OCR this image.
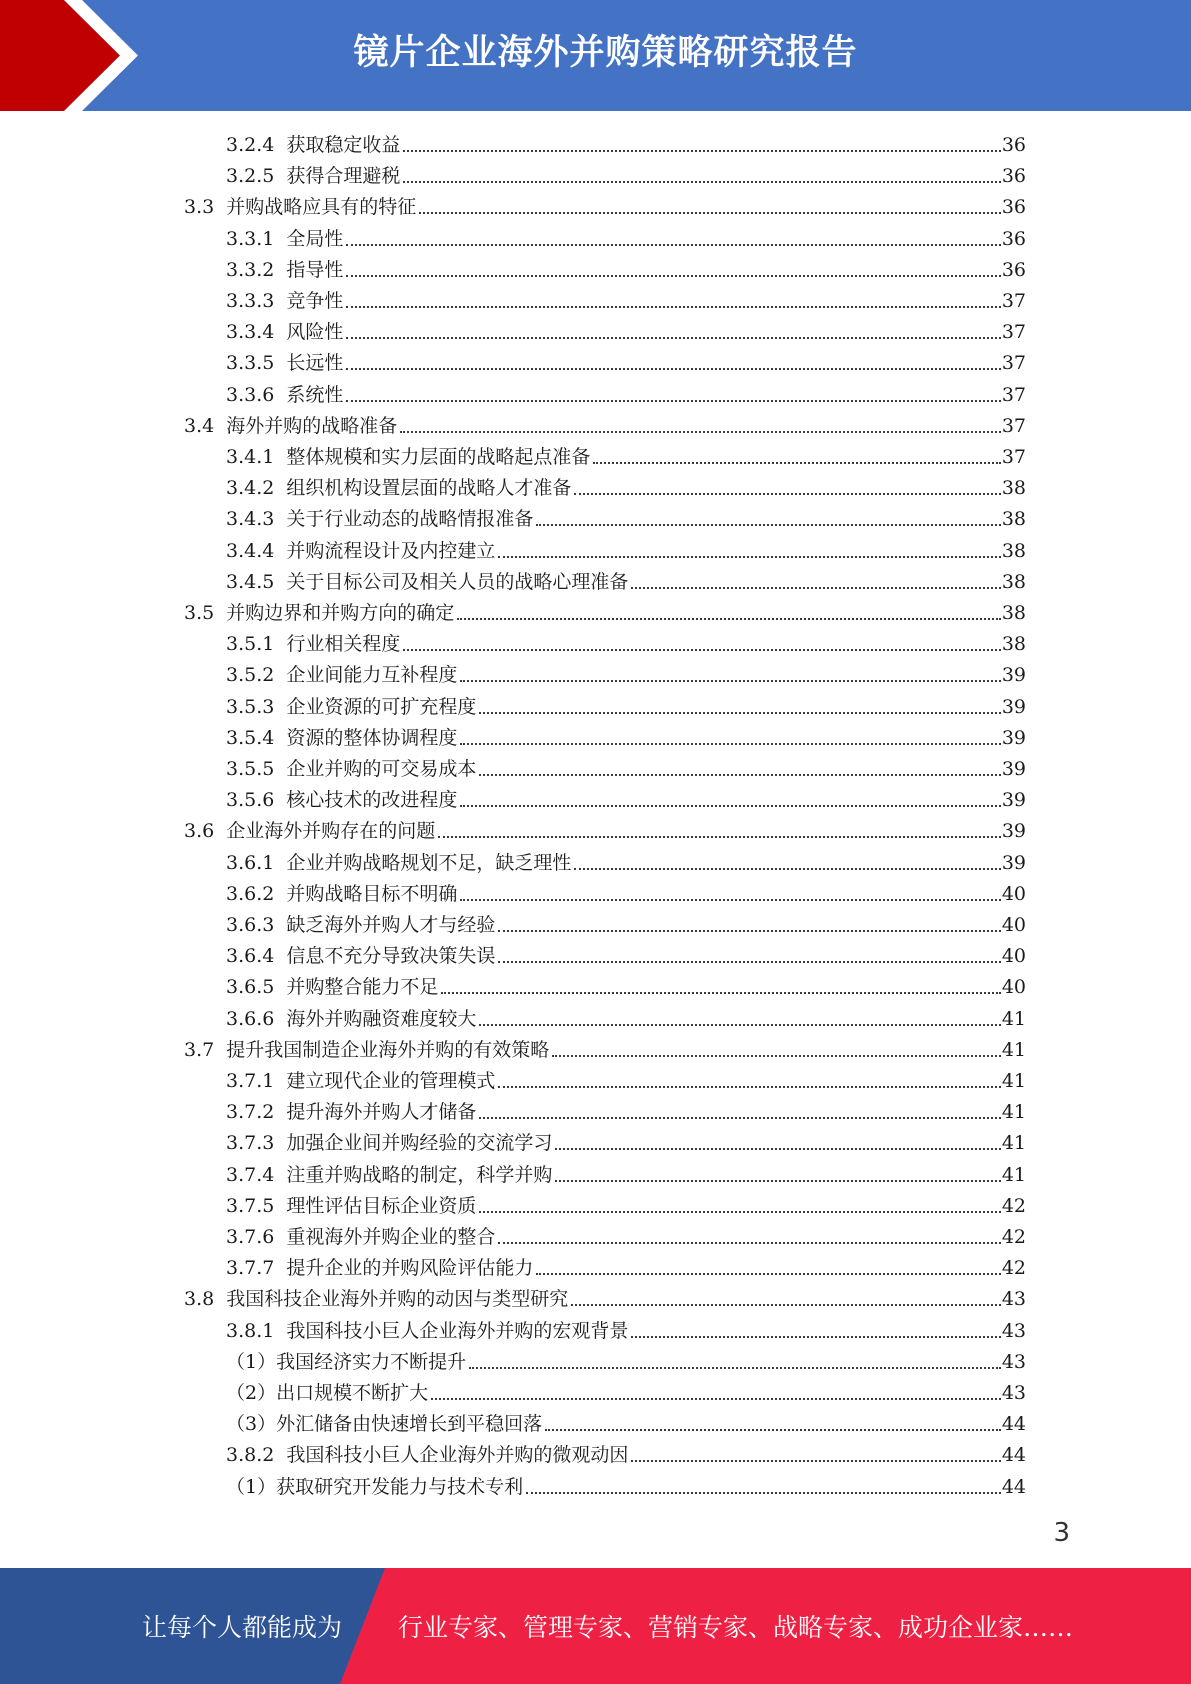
镜片企业海外并购策略研究报告
3.2.4 获取稳定收益	36
3.2.5 获得合理避税	36
3.3 并购战略应具有的特征	36
3.3.1 全局性	36
3.3.2 指导性	36
3.3.3 竞争性	37
3.3.4 风险性	37
3.3.5 长远性	37
3.3.6 系统性	37
3.4 海外并购的战略准备	37
3.4.1 整体规模和实力层面的战略起点准备	37
3.4.2 组织机构设置层面的战略人才准备	38
3.4.3 关于行业动态的战略情报准备	38
3.4.4 并购流程设计及内控建立	38
3.4.5 关于目标公司及相关人员的战略心理准备	38
3.5 并购边界和并购方向的确定	38
3.5.1 行业相关程度	38
3.5.2 企业间能力互补程度	39
3.5.3 企业资源的可扩充程度	39
3.5.4 资源的整体协调程度	39
3.5.5 企业并购的可交易成本	39
3.5.6 核心技术的改进程度	39
3.6 企业海外并购存在的问题	39
3.6.1 企业并购战略规划不足，缺乏理性	39
3.6.2 并购战略目标不明确	40
3.6.3 缺乏海外并购人才与经验	40
3.6.4 信息不充分导致决策失误	40
3.6.5 并购整合能力不足	40
3.6.6 海外并购融资难度较大	41
3.7 提升我国制造企业海外并购的有效策略	41
3.7.1 建立现代企业的管理模式	41
3.7.2 提升海外并购人才储备	41
3.7.3 加强企业间并购经验的交流学习	41
3.7.4 注重并购战略的制定，科学并购	41
3.7.5 理性评估目标企业资质	42
3.7.6 重视海外并购企业的整合	42
3.7.7 提升企业的并购风险评估能力	42
3.8 我国科技企业海外并购的动因与类型研究	43
3.8.1 我国科技小巨人企业海外并购的宏观背景	43
（1）我国经济实力不断提升	43
（2）出口规模不断扩大	43
（3）外汇储备由快速增长到平稳回落	44
3.8.2 我国科技小巨人企业海外并购的微观动因	44
（1）获取研究开发能力与技术专利	44
3
让每个人都能成为 行业专家、管理专家、营销专家、战略专家、成功企业家……
